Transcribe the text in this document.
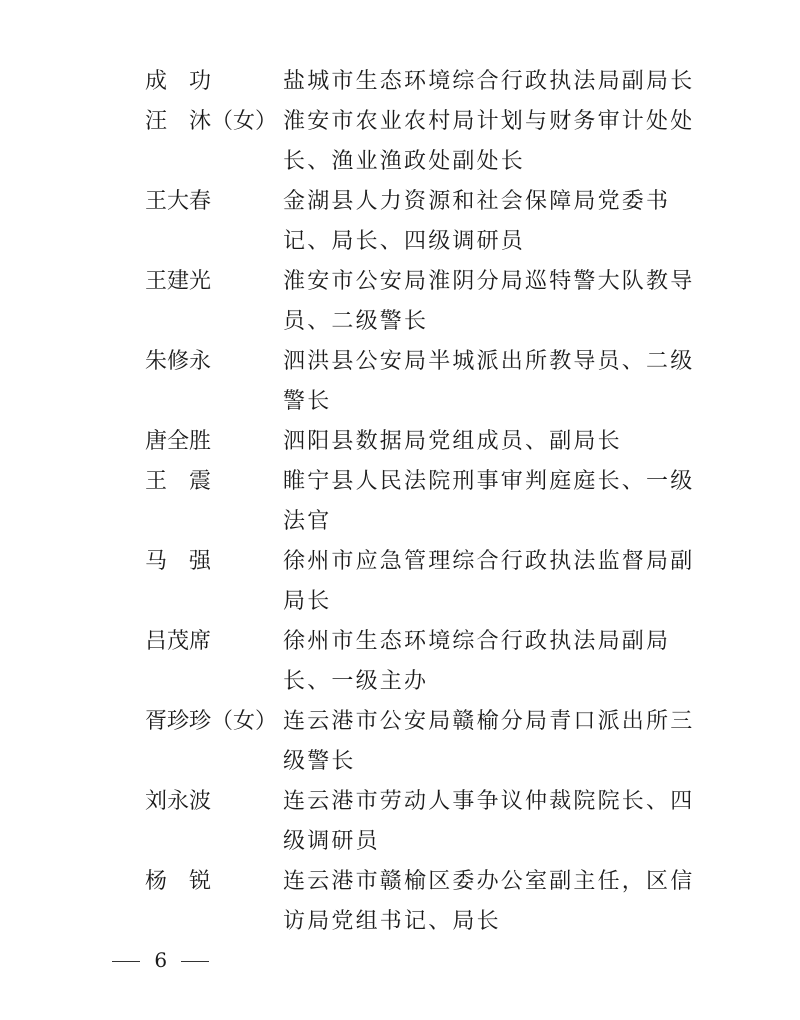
成　功	盐城市生态环境综合行政执法局副局长
汪　沐（女） 淮安市农业农村局计划与财务审计处处长、渔业渔政处副处长
王大春	金湖县人力资源和社会保障局党委书记、局长、四级调研员
王建光	淮安市公安局淮阴分局巡特警大队教导员、二级警长
朱修永	泗洪县公安局半城派出所教导员、二级警长
唐全胜	泗阳县数据局党组成员、副局长
王　震	睢宁县人民法院刑事审判庭庭长、一级法官
马　强	徐州市应急管理综合行政执法监督局副局长
吕茂席	徐州市生态环境综合行政执法局副局长、一级主办
胥珍珍（女） 连云港市公安局赣榆分局青口派出所三级警长
刘永波	连云港市劳动人事争议仲裁院院长、四级调研员
杨　锐	连云港市赣榆区委办公室副主任，区信访局党组书记、局长
6
